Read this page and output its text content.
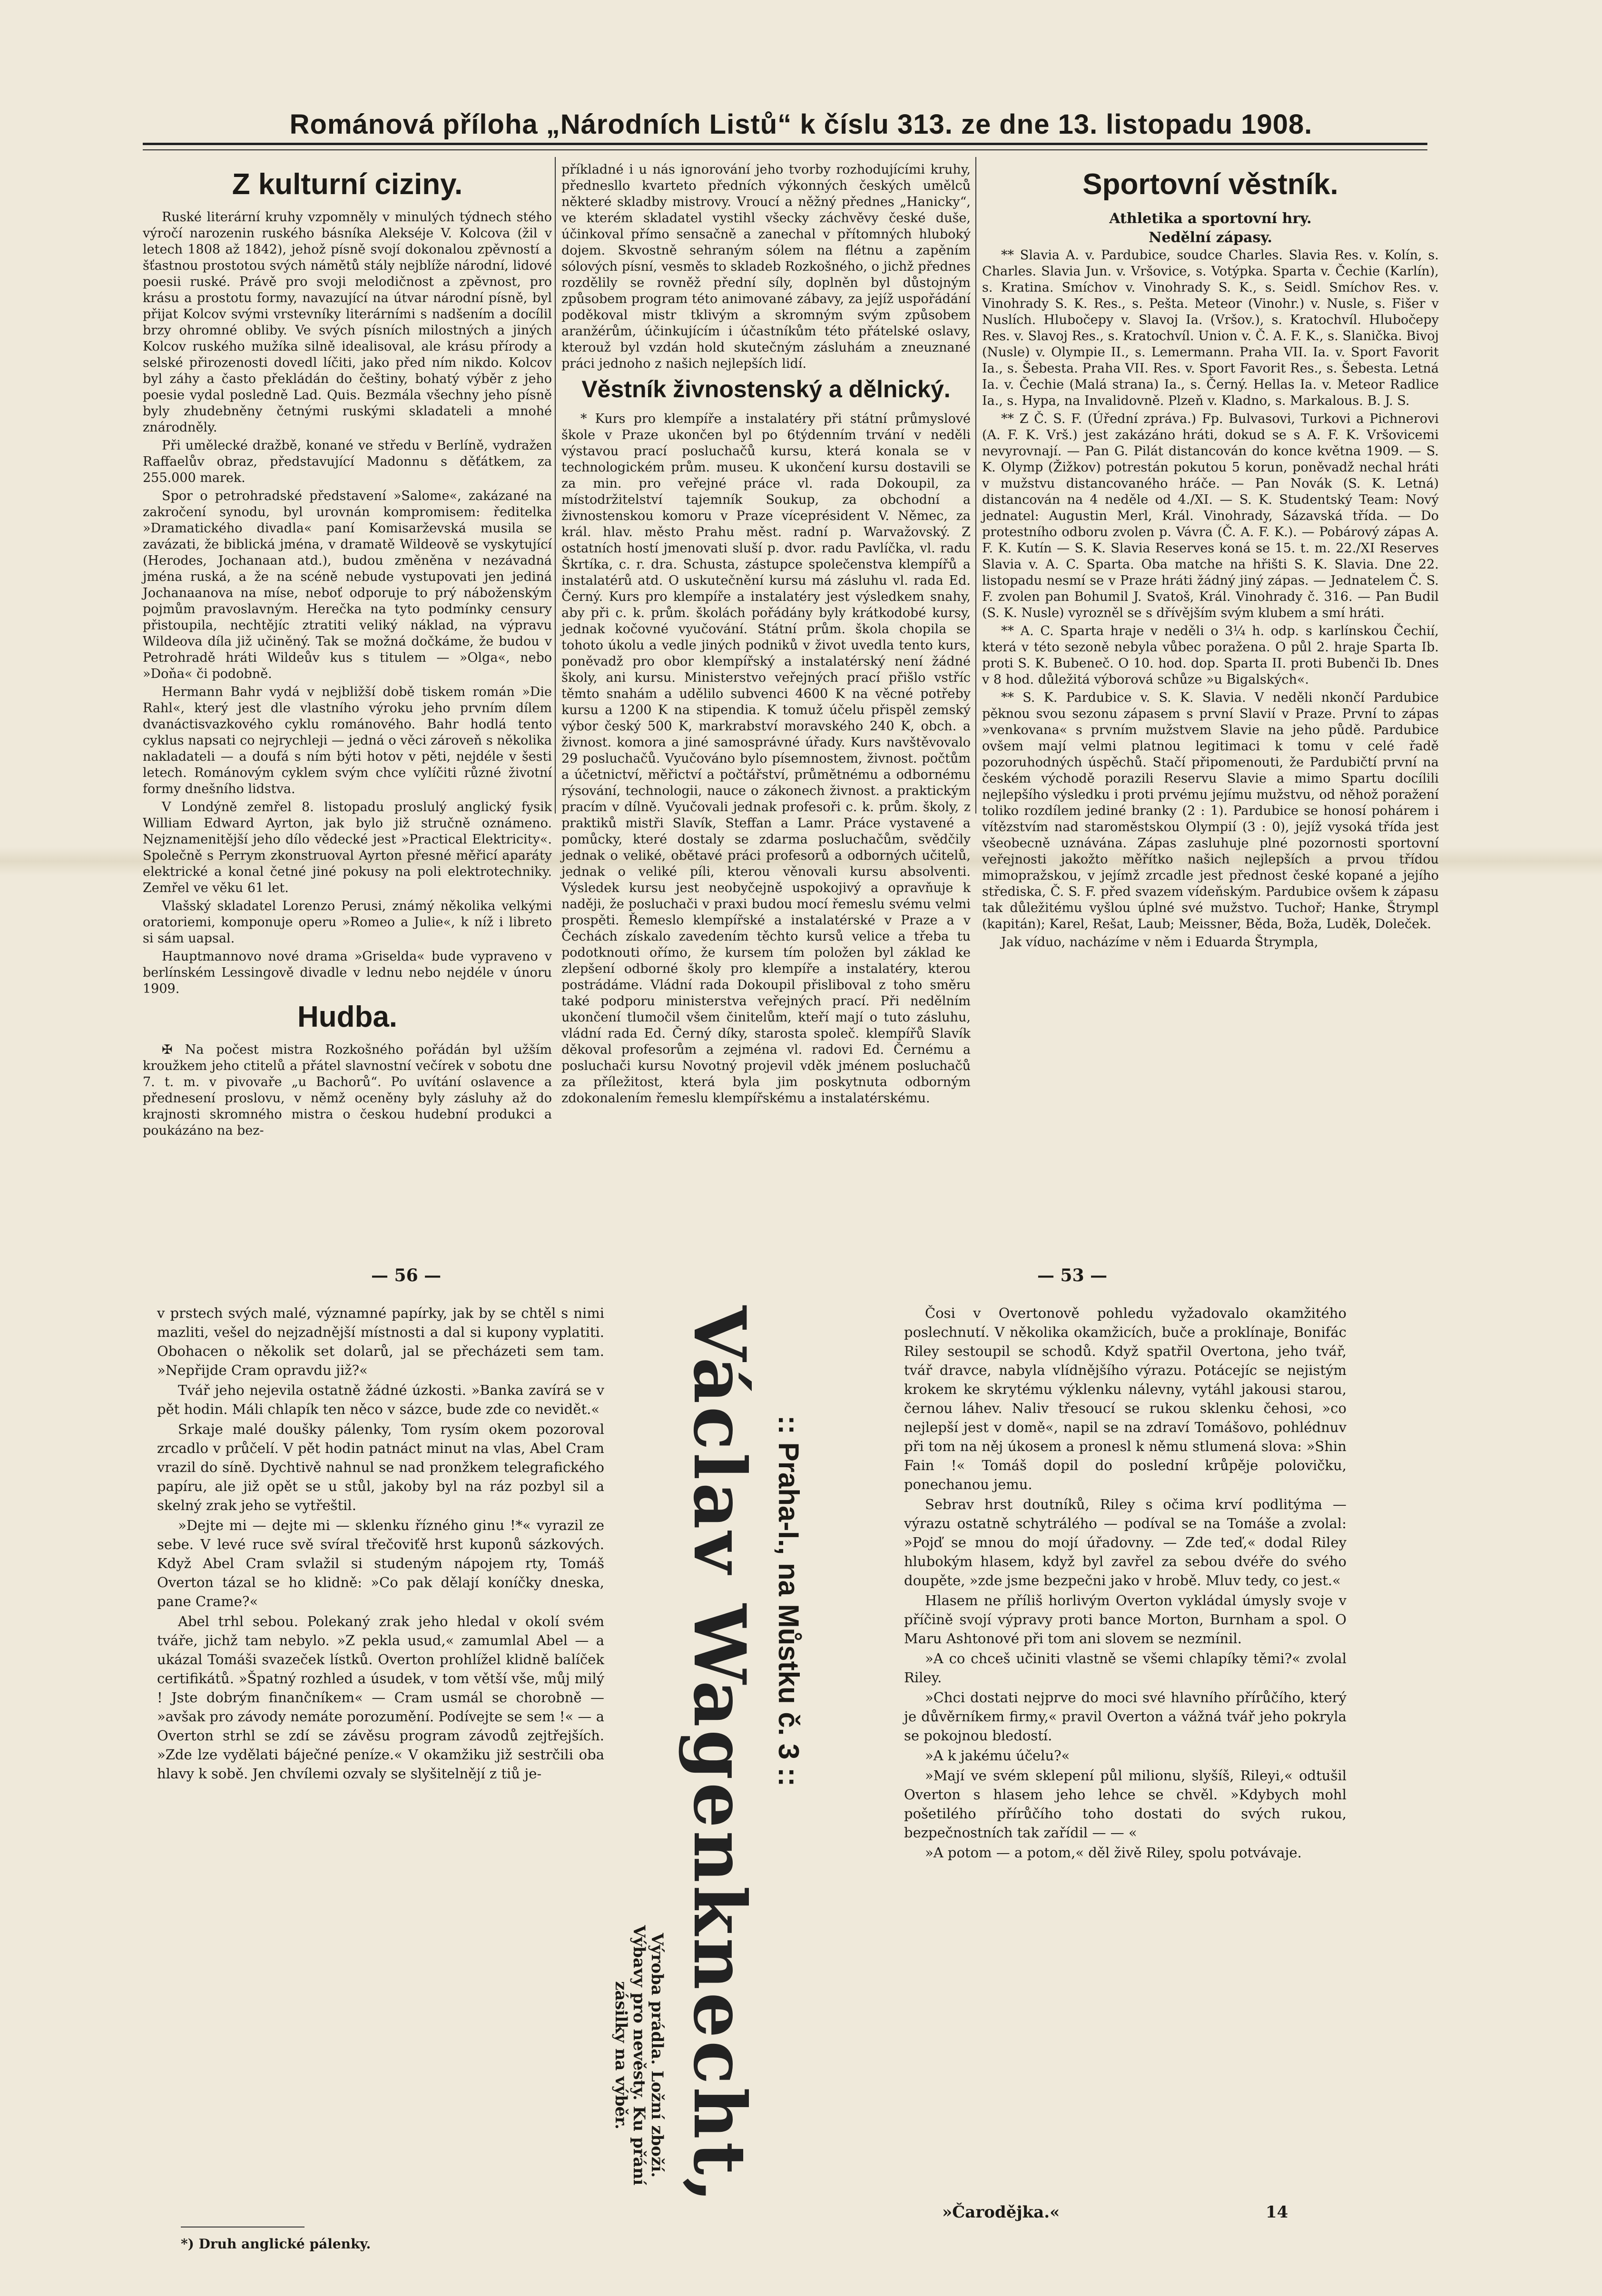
Románová příloha „Národních Listů“ k číslu 313. ze dne 13. listopadu 1908.
Z kulturní ciziny.

Ruské literární kruhy vzpomněly v minulých týdnech stého výročí narozenin ruského básníka Alekséje V. Kolcova (žil v letech 1808 až 1842), jehož písně svojí dokonalou zpěvností a šťastnou prostotou svých námětů stály nejblíže národní, lidové poesii ruské. Právě pro svoji melodičnost a zpěvnost, pro krásu a prostotu formy, navazující na útvar národní písně, byl přijat Kolcov svými vrstevníky literárními s nadšením a docílil brzy ohromné obliby. Ve svých písních milostných a jiných Kolcov ruského mužíka silně idealisoval, ale krásu přírody a selské přirozenosti dovedl líčiti, jako před ním nikdo. Kolcov byl záhy a často překládán do češtiny, bohatý výběr z jeho poesie vydal posledně Lad. Quis. Bezmála všechny jeho písně byly zhudebněny četnými ruskými skladateli a mnohé znárodněly.

Při umělecké dražbě, konané ve středu v Berlíně, vydražen Raffaelův obraz, představující Madonnu s děťátkem, za 255.000 marek.

Spor o petrohradské představení »Salome«, zakázané na zakročení synodu, byl urovnán kompromisem: ředitelka »Dramatického divadla« paní Komisarževská musila se zavázati, že biblická jména, v dramatě Wildeově se vyskytující (Herodes, Jochanaan atd.), budou změněna v nezávadná jména ruská, a že na scéně nebude vystupovati jen jediná Jochanaanova na míse, neboť odporuje to prý náboženským pojmům pravoslavným. Herečka na tyto podmínky censury přistoupila, nechtějíc ztratiti veliký náklad, na výpravu Wildeova díla již učiněný. Tak se možná dočkáme, že budou v Petrohradě hráti Wildeův kus s titulem — »Olga«, nebo »Doňa« či podobně.

Hermann Bahr vydá v nejbližší době tiskem román »Die Rahl«, který jest dle vlastního výroku jeho prvním dílem dvanáctisvazkového cyklu románového. Bahr hodlá tento cyklus napsati co nejrychleji — jedná o věci zároveň s několika nakladateli — a doufá s ním býti hotov v pěti, nejdéle v šesti letech. Románovým cyklem svým chce vylíčiti různé životní formy dnešního lidstva.

V Londýně zemřel 8. listopadu proslulý anglický fysik William Edward Ayrton, jak bylo již stručně oznámeno. Nejznamenitější jeho dílo vědecké jest »Practical Elektricity«. Společně s Perrym zkonstruoval Ayrton přesné měřicí aparáty elektrické a konal četné jiné pokusy na poli elektrotechniky. Zemřel ve věku 61 let.

Vlašský skladatel Lorenzo Perusi, známý několika velkými oratoriemi, komponuje operu »Romeo a Julie«, k níž i libreto si sám uapsal.

Hauptmannovo nové drama »Griselda« bude vypraveno v berlínském Lessingově divadle v lednu nebo nejdéle v únoru 1909.

Hudba.

✠ Na počest mistra Rozkošného pořádán byl užším kroužkem jeho ctitelů a přátel slavnostní večírek v sobotu dne 7. t. m. v pivovaře „u Bachorů“. Po uvítání oslavence a přednesení proslovu, v němž oceněny byly zásluhy až do krajnosti skromného mistra o českou hudební produkci a poukázáno na bez-

příkladné i u nás ignorování jeho tvorby rozhodujícími kruhy, přednesllo kvarteto předních výkonných českých umělců některé skladby mistrovy. Vroucí a něžný přednes „Hanicky“, ve kterém skladatel vystihl všecky záchvěvy české duše, účinkoval přímo sensačně a zanechal v přítomných hluboký dojem. Skvostně sehraným sólem na flétnu a zapěním sólových písní, vesměs to skladeb Rozkošného, o jichž přednes rozdělily se rovněž přední síly, doplněn byl důstojným způsobem program této animované zábavy, za jejíž uspořádání poděkoval mistr tklivým a skromným svým způsobem aranžérům, účinkujícím i účastníkům této přátelské oslavy, kterouž byl vzdán hold skutečným zásluhám a zneuznané práci jednoho z našich nejlepších lidí.

Věstník živnostenský a dělnický.

* Kurs pro klempíře a instalatéry při státní průmyslové škole v Praze ukončen byl po 6týdenním trvání v neděli výstavou prací posluchačů kursu, která konala se v technologickém prům. museu. K ukončení kursu dostavili se za min. pro veřejné práce vl. rada Dokoupil, za místodržitelství tajemník Soukup, za obchodní a živnostenskou komoru v Praze víceprésident V. Němec, za král. hlav. město Prahu měst. radní p. Warvažovský. Z ostatních hostí jmenovati sluší p. dvor. radu Pavlíčka, vl. radu Škrtíka, c. r. dra. Schusta, zástupce společenstva klempířů a instalatérů atd. O uskutečnění kursu má zásluhu vl. rada Ed. Černý. Kurs pro klempíře a instalatéry jest výsledkem snahy, aby při c. k. prům. školách pořádány byly krátkodobé kursy, jednak kočovné vyučování. Státní prům. škola chopila se tohoto úkolu a vedle jiných podniků v život uvedla tento kurs, poněvadž pro obor klempířský a instalatérský není žádné školy, ani kursu. Ministerstvo veřejných prací přišlo vstříc těmto snahám a udělilo subvenci 4600 K na věcné potřeby kursu a 1200 K na stipendia. K tomuž účelu přispěl zemský výbor český 500 K, markrabství moravského 240 K, obch. a živnost. komora a jiné samosprávné úřady. Kurs navštěvovalo 29 posluchačů. Vyučováno bylo písemnostem, živnost. počtům a účetnictví, měřictví a počtářství, průmětnému a odbornému rýsování, technologii, nauce o zákonech živnost. a praktickým pracím v dílně. Vyučovali jednak profesoři c. k. prům. školy, z praktiků mistři Slavík, Steffan a Lamr. Práce vystavené a pomůcky, které dostaly se zdarma posluchačům, svědčily jednak o veliké, obětavé práci profesorů a odborných učitelů, jednak o veliké píli, kterou věnovali kursu absolventi. Výsledek kursu jest neobyčejně uspokojivý a opravňuje k naději, že posluchači v praxi budou mocí řemeslu svému velmi prospěti. Řemeslo klempířské a instalatérské v Praze a v Čechách získalo zavedením těchto kursů velice a třeba tu podotknouti ořímo, že kursem tím položen byl základ ke zlepšení odborné školy pro klempíře a instalatéry, kterou postrádáme. Vládní rada Dokoupil přisliboval z toho směru také podporu ministerstva veřejných prací. Při nedělním ukončení tlumočil všem činitelům, kteří mají o tuto zásluhu, vládní rada Ed. Černý díky, starosta společ. klempířů Slavík děkoval profesorům a zejména vl. radovi Ed. Černému a posluchači kursu Novotný projevil vděk jménem posluchačů za příležitost, která byla jim poskytnuta odborným zdokonalením řemeslu klempířskému a instalatérskému.

Sportovní věstník.
Athletika a sportovní hry.
Nedělní zápasy.

** Slavia A. v. Pardubice, soudce Charles. Slavia Res. v. Kolín, s. Charles. Slavia Jun. v. Vršovice, s. Votýpka. Sparta v. Čechie (Karlín), s. Kratina. Smíchov v. Vinohrady S. K., s. Seidl. Smíchov Res. v. Vinohrady S. K. Res., s. Pešta. Meteor (Vinohr.) v. Nusle, s. Fišer v Nuslích. Hlubočepy v. Slavoj Ia. (Vršov.), s. Kratochvíl. Hlubočepy Res. v. Slavoj Res., s. Kratochvíl. Union v. Č. A. F. K., s. Slanička. Bivoj (Nusle) v. Olympie II., s. Lemermann. Praha VII. Ia. v. Sport Favorit Ia., s. Šebesta. Praha VII. Res. v. Sport Favorit Res., s. Šebesta. Letná Ia. v. Čechie (Malá strana) Ia., s. Černý. Hellas Ia. v. Meteor Radlice Ia., s. Hypa, na Invalidovně. Plzeň v. Kladno, s. Markalous. B. J. S.

** Z Č. S. F. (Úřední zpráva.) Fp. Bulvasovi, Turkovi a Pichnerovi (A. F. K. Vrš.) jest zakázáno hráti, dokud se s A. F. K. Vršovicemi nevyrovnají. — Pan G. Pilát distancován do konce května 1909. — S. K. Olymp (Žižkov) potrestán pokutou 5 korun, poněvadž nechal hráti v mužstvu distancovaného hráče. — Pan Novák (S. K. Letná) distancován na 4 neděle od 4./XI. — S. K. Studentský Team: Nový jednatel: Augustin Merl, Král. Vinohrady, Sázavská třída. — Do protestního odboru zvolen p. Vávra (Č. A. F. K.). — Pobárový zápas A. F. K. Kutín — S. K. Slavia Reserves koná se 15. t. m. 22./XI Reserves Slavia v. A. C. Sparta. Oba matche na hřišti S. K. Slavia. Dne 22. listopadu nesmí se v Praze hráti žádný jiný zápas. — Jednatelem Č. S. F. zvolen pan Bohumil J. Svatoš, Král. Vinohrady č. 316. — Pan Budil (S. K. Nusle) vyrozněl se s dřívějším svým klubem a smí hráti.

** A. C. Sparta hraje v neděli o 3¼ h. odp. s karlínskou Čechií, která v této sezoně nebyla vůbec poražena. O půl 2. hraje Sparta Ib. proti S. K. Bubeneč. O 10. hod. dop. Sparta II. proti Bubenči Ib. Dnes v 8 hod. důležitá výborová schůze »u Bigalských«.

** S. K. Pardubice v. S. K. Slavia. V neděli nkončí Pardubice pěknou svou sezonu zápasem s první Slavií v Praze. První to zápas »venkovana« s prvním mužstvem Slavie na jeho půdě. Pardubice ovšem mají velmi platnou legitimaci k tomu v celé řadě pozoruhodných úspěchů. Stačí připomenouti, že Pardubičtí první na českém východě porazili Reservu Slavie a mimo Spartu docílili nejlepšího výsledku i proti prvému jejímu mužstvu, od něhož poražení toliko rozdílem jediné branky (2 : 1). Pardubice se honosí pohárem i vítězstvím nad staroměstskou Olympií (3 : 0), jejíž vysoká třída jest všeobecně uznávána. Zápas zasluhuje plné pozornosti sportovní veřejnosti jakožto měřítko našich nejlepších a prvou třídou mimopražskou, v jejímž zrcadle jest přednost české kopané a jejího střediska, Č. S. F. před svazem vídeňským. Pardubice ovšem k zápasu tak důležitému vyšlou úplné své mužstvo. Tuchoř; Hanke, Štrympl (kapitán); Karel, Rešat, Laub; Meissner, Běda, Boža, Luděk, Doleček.

Jak víduo, nacházíme v něm i Eduarda Štrympla,

— 56 —	— 53 —

v prstech svých malé, významné papírky, jak by se chtěl s nimi mazliti, vešel do nejzadnější místnosti a dal si kupony vyplatiti. Obohacen o několik set dolarů, jal se přecházeti sem tam. »Nepřijde Cram opravdu již?«

Tvář jeho nejevila ostatně žádné úzkosti. »Banka zavírá se v pět hodin. Máli chlapík ten něco v sázce, bude zde co nevidět.«

Srkaje malé doušky pálenky, Tom rysím okem pozoroval zrcadlo v průčelí. V pět hodin patnáct minut na vlas, Abel Cram vrazil do síně. Dychtivě nahnul se nad pronžkem telegrafického papíru, ale již opět se u stůl, jakoby byl na ráz pozbyl sil a skelný zrak jeho se vytřeštil.

»Dejte mi — dejte mi — sklenku řízného ginu !*« vyrazil ze sebe. V levé ruce svě svíral třečoviťě hrst kuponů sázkových. Když Abel Cram svlažil si studeným nápojem rty, Tomáš Overton tázal se ho klidně: »Co pak dělají koníčky dneska, pane Crame?«

Abel trhl sebou. Polekaný zrak jeho hledal v okolí svém tváře, jichž tam nebylo. »Z pekla usud,« zamumlal Abel — a ukázal Tomáši svazeček lístků. Overton prohlížel klidně balíček certifikátů. »Špatný rozhled a úsudek, v tom větší vše, můj milý ! Jste dobrým finančníkem« — Cram usmál se chorobně — »avšak pro závody nemáte porozumění. Podívejte se sem !« — a Overton strhl se zdí se závěsu program závodů zejtřejších. »Zde lze vydělati báječné peníze.« V okamžiku již sestrčili oba hlavy k sobě. Jen chvílemi ozvaly se slyšitelnějí z tiů je-

*) Druh anglické pálenky.
:: Praha-I., na Můstku č. 3 ::
Václav Wagenknecht,
Výroba prádla. Ložní zboží. Výbavy pro nevěsty. Ku přání zásilky na výběr.

Čosi v Overtonově pohledu vyžadovalo okamžitého poslechnutí. V několika okamžicích, buče a proklínaje, Bonifác Riley sestoupil se schodů. Když spatřil Overtona, jeho tvář, tvář dravce, nabyla vlídnějšího výrazu. Potácejíc se nejistým krokem ke skrytému výklenku nálevny, vytáhl jakousi starou, černou láhev. Naliv třesoucí se rukou sklenku čehosi, »co nejlepší jest v domě«, napil se na zdraví Tomášovo, pohlédnuv při tom na něj úkosem a pronesl k němu stlumená slova: »Shin Fain !« Tomáš dopil do poslední krůpěje polovičku, ponechanou jemu.

Sebrav hrst doutníků, Riley s očima krví podlitýma — výrazu ostatně schytrálého — podíval se na Tomáše a zvolal: »Pojď se mnou do mojí úřadovny. — Zde teď,« dodal Riley hlubokým hlasem, když byl zavřel za sebou dvéře do svého doupěte, »zde jsme bezpečni jako v hrobě. Mluv tedy, co jest.«

Hlasem ne příliš horlivým Overton vykládal úmysly svoje v příčině svojí výpravy proti bance Morton, Burnham a spol. O Maru Ashtonové při tom ani slovem se nezmínil.

»A co chceš učiniti vlastně se všemi chlapíky těmi?« zvolal Riley.

»Chci dostati nejprve do moci své hlavního přírůčího, který je důvěrníkem firmy,« pravil Overton a vážná tvář jeho pokryla se pokojnou bledostí.

»A k jakému účelu?«

»Mají ve svém sklepení půl milionu, slyšíš, Rileyi,« odtušil Overton s hlasem jeho lehce se chvěl. »Kdybych mohl pošetilého přírůčího toho dostati do svých rukou, bezpečnostních tak zařídil — — «

»A potom — a potom,« děl živě Riley, spolu potvávaje.

»Čarodějka.«	14
